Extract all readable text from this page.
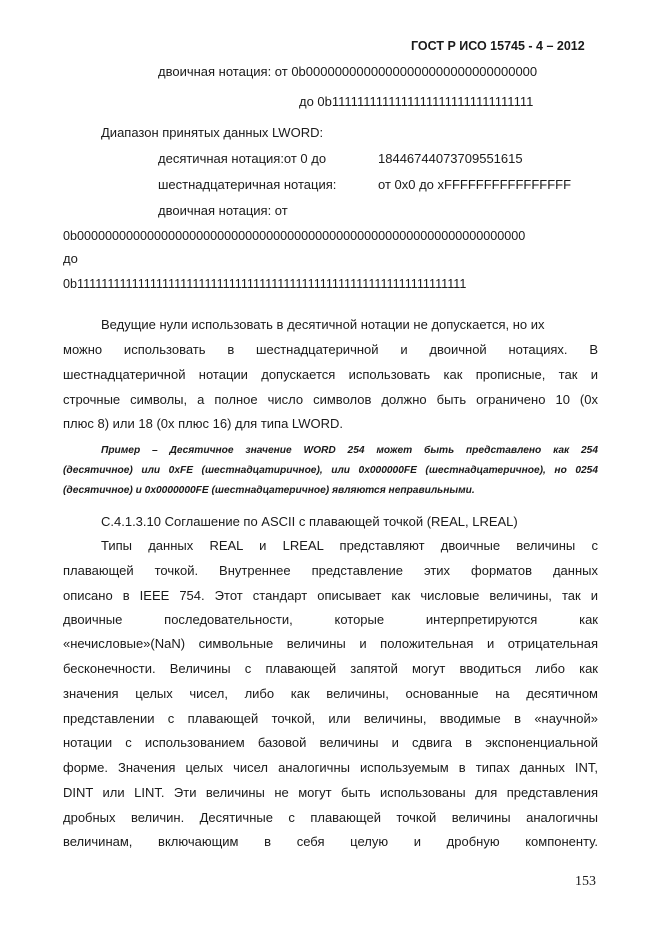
ГОСТ Р ИСО 15745 - 4 – 2012
двоичная нотация: от 0b00000000000000000000000000000000
до 0b11111111111111111111111111111111
Диапазон принятых данных LWORD:
десятичная нотация:от 0 до	18446744073709551615
шестнадцатеричная нотация:	от 0x0 до xFFFFFFFFFFFFFFFF
двоичная нотация: от
0b0000000000000000000000000000000000000000000000000000000000000000
до
0b1111111111111111111111111111111111111111111111111111111111111111
Ведущие нули использовать в десятичной нотации не допускается, но их
можно использовать в шестнадцатеричной и двоичной нотациях. В
шестнадцатеричной нотации допускается использовать как прописные, так и
строчные символы, а полное число символов должно быть ограничено 10 (0x
плюс 8) или 18 (0x плюс 16) для типа LWORD.
Пример – Десятичное значение WORD 254 может быть представлено как 254
(десятичное) или 0xFE (шестнадцатиричное), или 0x000000FE (шестнадцатеричное), но 0254
(десятичное) и 0x0000000FE (шестнадцатеричное) являются неправильными.
С.4.1.3.10 Соглашение по ASCII с плавающей точкой (REAL, LREAL)
Типы данных REAL и LREAL представляют двоичные величины с
плавающей точкой. Внутреннее представление этих форматов данных
описано в IEEE 754. Этот стандарт описывает как числовые величины, так и
двоичные последовательности, которые интерпретируются как
«нечисловые»(NaN) символьные величины и положительная и отрицательная
бесконечности. Величины с плавающей запятой могут вводиться либо как
значения целых чисел, либо как величины, основанные на десятичном
представлении с плавающей точкой, или величины, вводимые в «научной»
нотации с использованием базовой величины и сдвига в экспоненциальной
форме. Значения целых чисел аналогичны используемым в типах данных INT,
DINT или LINT. Эти величины не могут быть использованы для представления
дробных величин. Десятичные с плавающей точкой величины аналогичны
величинам, включающим в себя целую и дробную компоненту.
153
